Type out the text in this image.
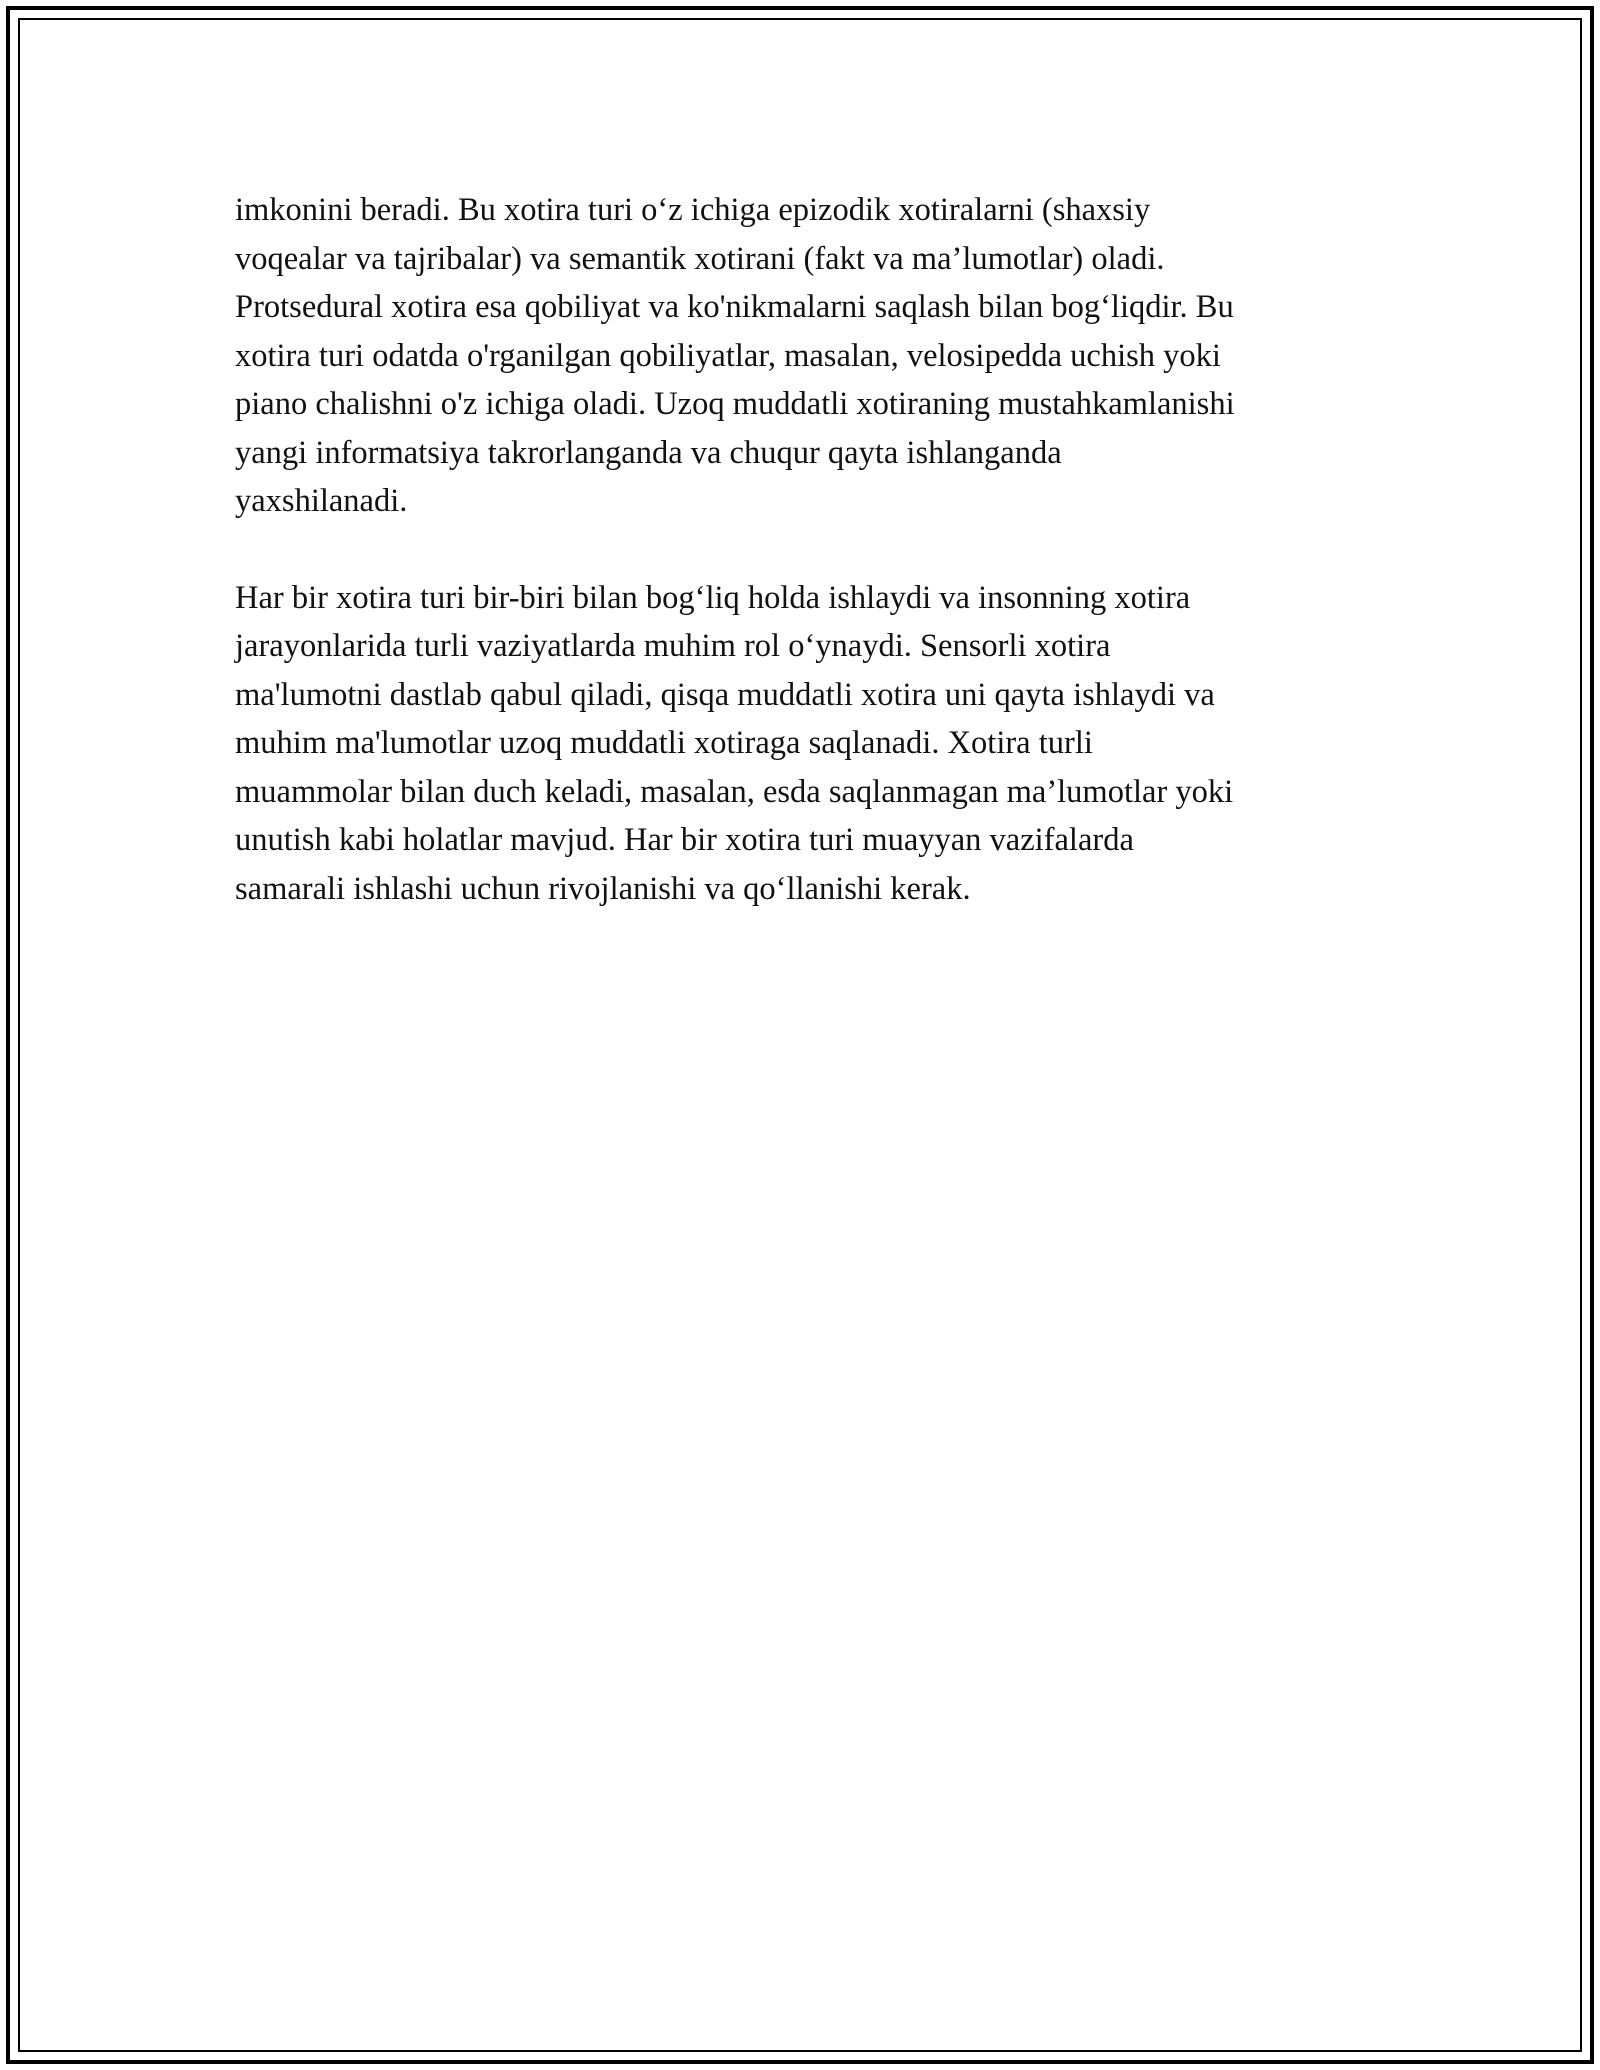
imkonini beradi. Bu xotira turi o‘z ichiga epizodik xotiralarni (shaxsiy
voqealar va tajribalar) va semantik xotirani (fakt va ma’lumotlar) oladi.
Protsedural xotira esa qobiliyat va ko'nikmalarni saqlash bilan bog‘liqdir. Bu
xotira turi odatda o'rganilgan qobiliyatlar, masalan, velosipedda uchish yoki
piano chalishni o'z ichiga oladi. Uzoq muddatli xotiraning mustahkamlanishi
yangi informatsiya takrorlanganda va chuqur qayta ishlanganda
yaxshilanadi.

Har bir xotira turi bir-biri bilan bog‘liq holda ishlaydi va insonning xotira
jarayonlarida turli vaziyatlarda muhim rol o‘ynaydi. Sensorli xotira
ma'lumotni dastlab qabul qiladi, qisqa muddatli xotira uni qayta ishlaydi va
muhim ma'lumotlar uzoq muddatli xotiraga saqlanadi. Xotira turli
muammolar bilan duch keladi, masalan, esda saqlanmagan ma’lumotlar yoki
unutish kabi holatlar mavjud. Har bir xotira turi muayyan vazifalarda
samarali ishlashi uchun rivojlanishi va qo‘llanishi kerak.
